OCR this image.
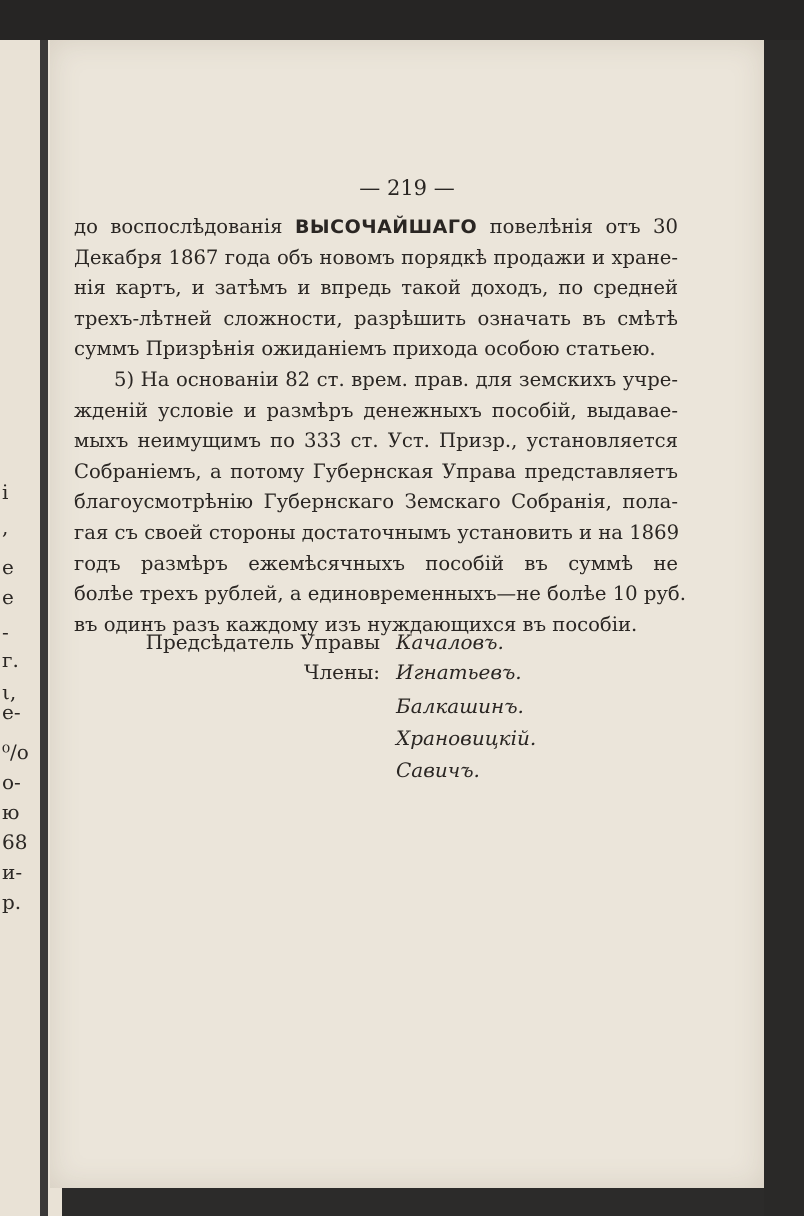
і
,
е
е
-
г.
ι,
е-
⁰/о
о-
ю
68
и-
р.
— 219 —
до воспослѣдованія ВЫСОЧАЙШАГО повелѣнія отъ 30
Декабря 1867 года объ новомъ порядкѣ продажи и хране-
нія картъ, и затѣмъ и впредь такой доходъ, по средней
трехъ-лѣтней сложности, разрѣшить означать въ смѣтѣ
суммъ Призрѣнія ожиданіемъ прихода особою статьею.
5) На основаніи 82 ст. врем. прав. для земскихъ учре-
жденій условіе и размѣръ денежныхъ пособій, выдавае-
мыхъ неимущимъ по 333 ст. Уст. Призр., установляется
Собраніемъ, а потому Губернская Управа представляетъ
благоусмотрѣнію Губернскаго Земскаго Собранія, пола-
гая съ своей стороны достаточнымъ установить и на 1869
годъ размѣръ ежемѣсячныхъ пособій въ суммѣ не
болѣе трехъ рублей, а единовременныхъ—не болѣе 10 руб.
въ одинъ разъ каждому изъ нуждающихся въ пособіи.
Предсѣдатель Управы Качаловъ.
Члены: Игнатьевъ.
Балкашинъ.
Храновицкій.
Савичъ.
